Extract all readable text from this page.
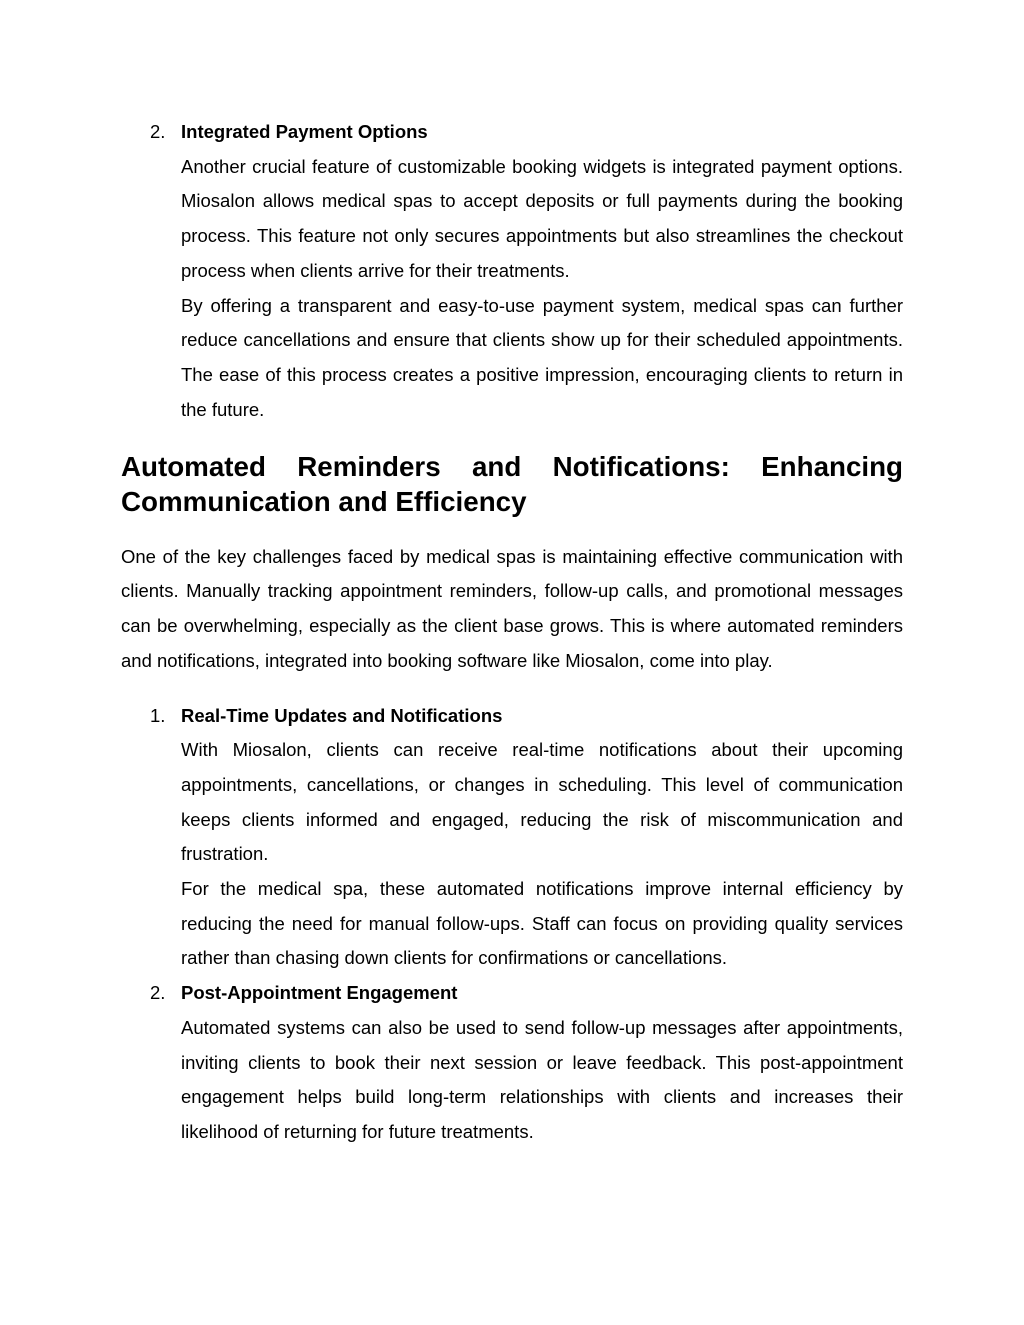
2. Integrated Payment Options

Another crucial feature of customizable booking widgets is integrated payment options. Miosalon allows medical spas to accept deposits or full payments during the booking process. This feature not only secures appointments but also streamlines the checkout process when clients arrive for their treatments.

By offering a transparent and easy-to-use payment system, medical spas can further reduce cancellations and ensure that clients show up for their scheduled appointments. The ease of this process creates a positive impression, encouraging clients to return in the future.

Automated Reminders and Notifications: Enhancing Communication and Efficiency

One of the key challenges faced by medical spas is maintaining effective communication with clients. Manually tracking appointment reminders, follow-up calls, and promotional messages can be overwhelming, especially as the client base grows. This is where automated reminders and notifications, integrated into booking software like Miosalon, come into play.

1. Real-Time Updates and Notifications

With Miosalon, clients can receive real-time notifications about their upcoming appointments, cancellations, or changes in scheduling. This level of communication keeps clients informed and engaged, reducing the risk of miscommunication and frustration.

For the medical spa, these automated notifications improve internal efficiency by reducing the need for manual follow-ups. Staff can focus on providing quality services rather than chasing down clients for confirmations or cancellations.

2. Post-Appointment Engagement

Automated systems can also be used to send follow-up messages after appointments, inviting clients to book their next session or leave feedback. This post-appointment engagement helps build long-term relationships with clients and increases their likelihood of returning for future treatments.
